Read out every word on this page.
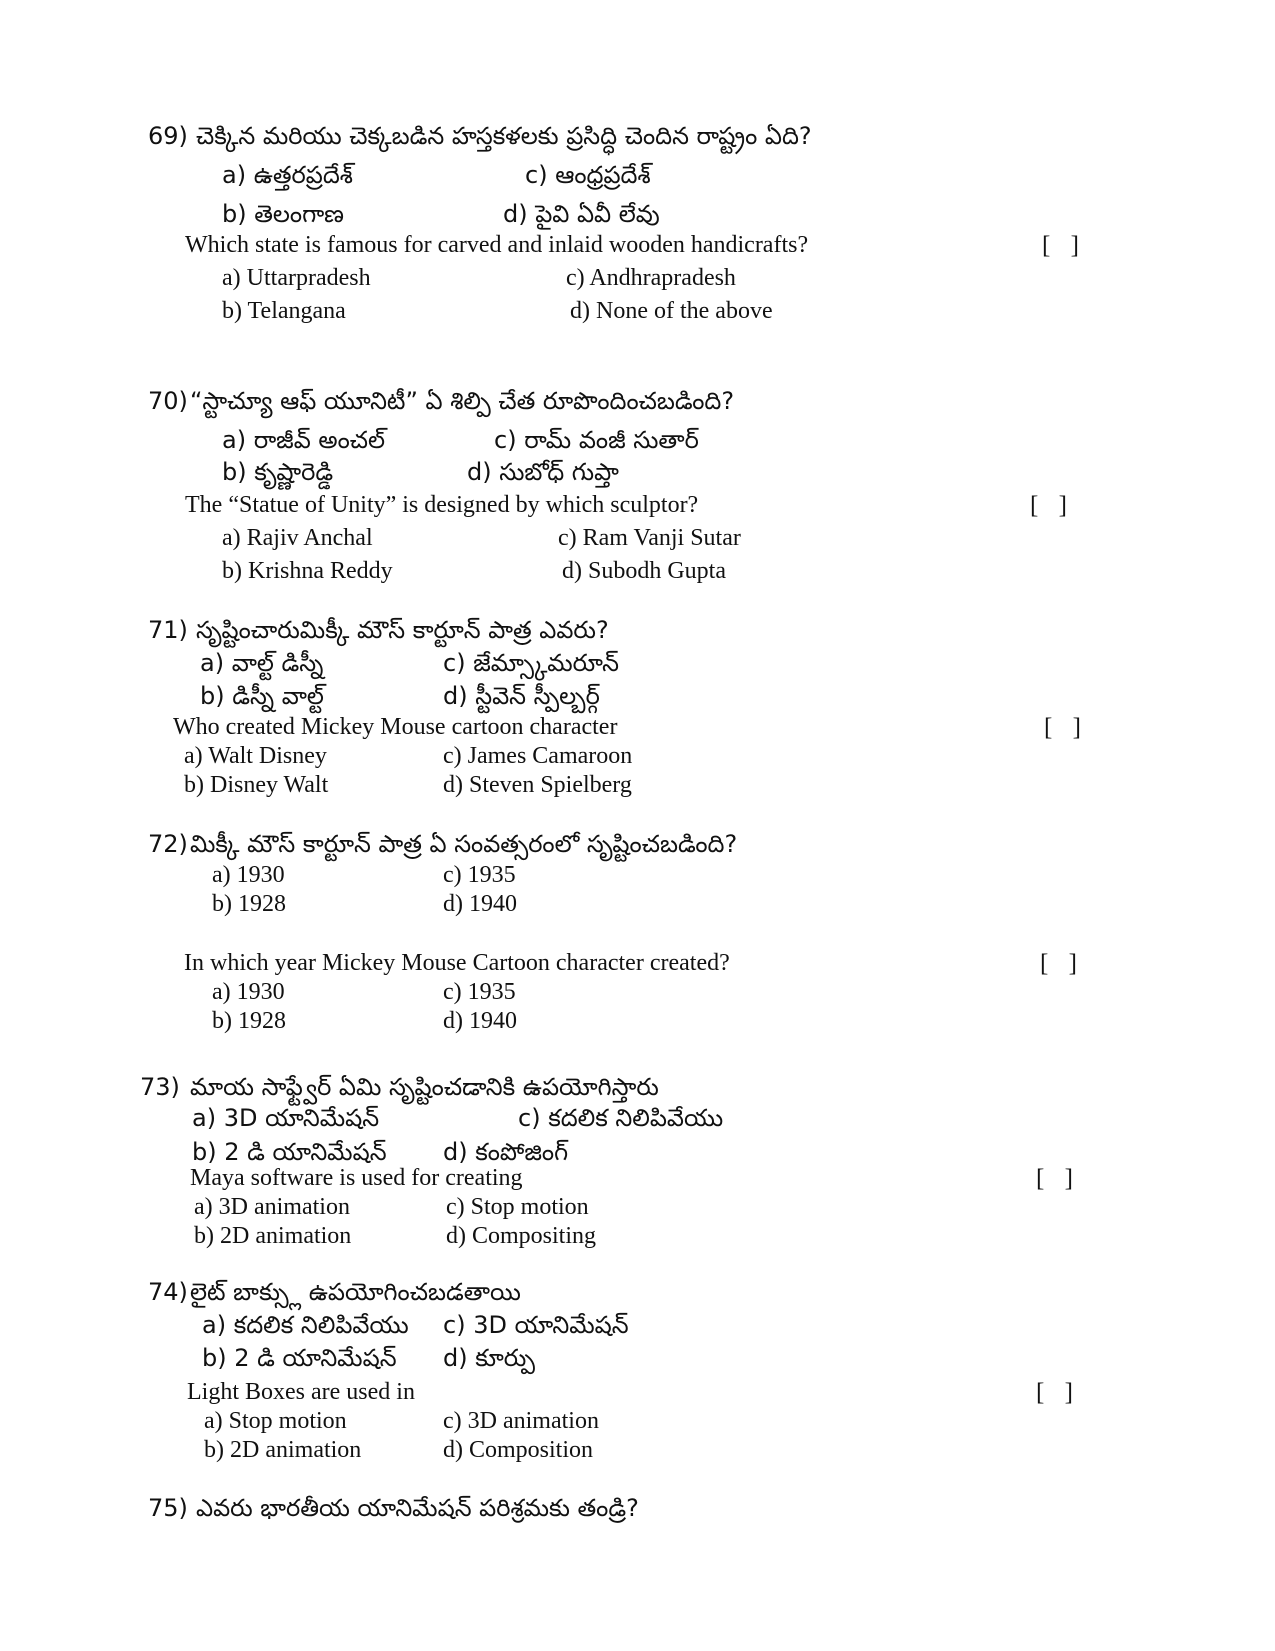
69) చెక్కిన మరియు చెక్కబడిన హస్తకళలకు ప్రసిద్ధి చెందిన రాష్ట్రం ఏది?
a) ఉత్తరప్రదేశ్	c) ఆంధ్రప్రదేశ్
b) తెలంగాణ	d) పైవి ఏవీ లేవు
Which state is famous for carved and inlaid wooden handicrafts?	[ ]
a) Uttarpradesh	c) Andhrapradesh
b) Telangana	d) None of the above
70) “స్టాచ్యూ ఆఫ్ యూనిటీ” ఏ శిల్పి చేత రూపొందించబడింది?
a) రాజీవ్ అంచల్	c) రామ్ వంజీ సుతార్
b) కృష్ణారెడ్డి	d) సుబోధ్ గుప్తా
The “Statue of Unity” is designed by which sculptor?	[ ]
a) Rajiv Anchal	c) Ram Vanji Sutar
b) Krishna Reddy	d) Subodh Gupta
71) సృష్టించారుమిక్కీ మౌస్ కార్టూన్ పాత్ర ఎవరు?
a) వాల్ట్ డిస్నీ	c) జేమ్స్కామరూన్
b) డిస్నీ వాల్ట్	d) స్టీవెన్ స్పీల్బర్గ్
Who created Mickey Mouse cartoon character	[ ]
a) Walt Disney	c) James Camaroon
b) Disney Walt	d) Steven Spielberg
72) మిక్కీ మౌస్ కార్టూన్ పాత్ర ఏ సంవత్సరంలో సృష్టించబడింది?
a) 1930	c) 1935
b) 1928	d) 1940
In which year Mickey Mouse Cartoon character created?	[ ]
a) 1930	c) 1935
b) 1928	d) 1940
73) మాయ సాఫ్ట్వేర్ ఏమి సృష్టించడానికి ఉపయోగిస్తారు
a) 3D యానిమేషన్	c) కదలిక నిలిపివేయు
b) 2 డి యానిమేషన్ d) కంపోజింగ్
Maya software is used for creating	[ ]
a) 3D animation	c) Stop motion
b) 2D animation	d) Compositing
74) లైట్ బాక్స్లు ఉపయోగించబడతాయి
a) కదలిక నిలిపివేయు c) 3D యానిమేషన్
b) 2 డి యానిమేషన్ d) కూర్పు
Light Boxes are used in	[ ]
a) Stop motion	c) 3D animation
b) 2D animation	d) Composition
75) ఎవరు భారతీయ యానిమేషన్ పరిశ్రమకు తండ్రి?
